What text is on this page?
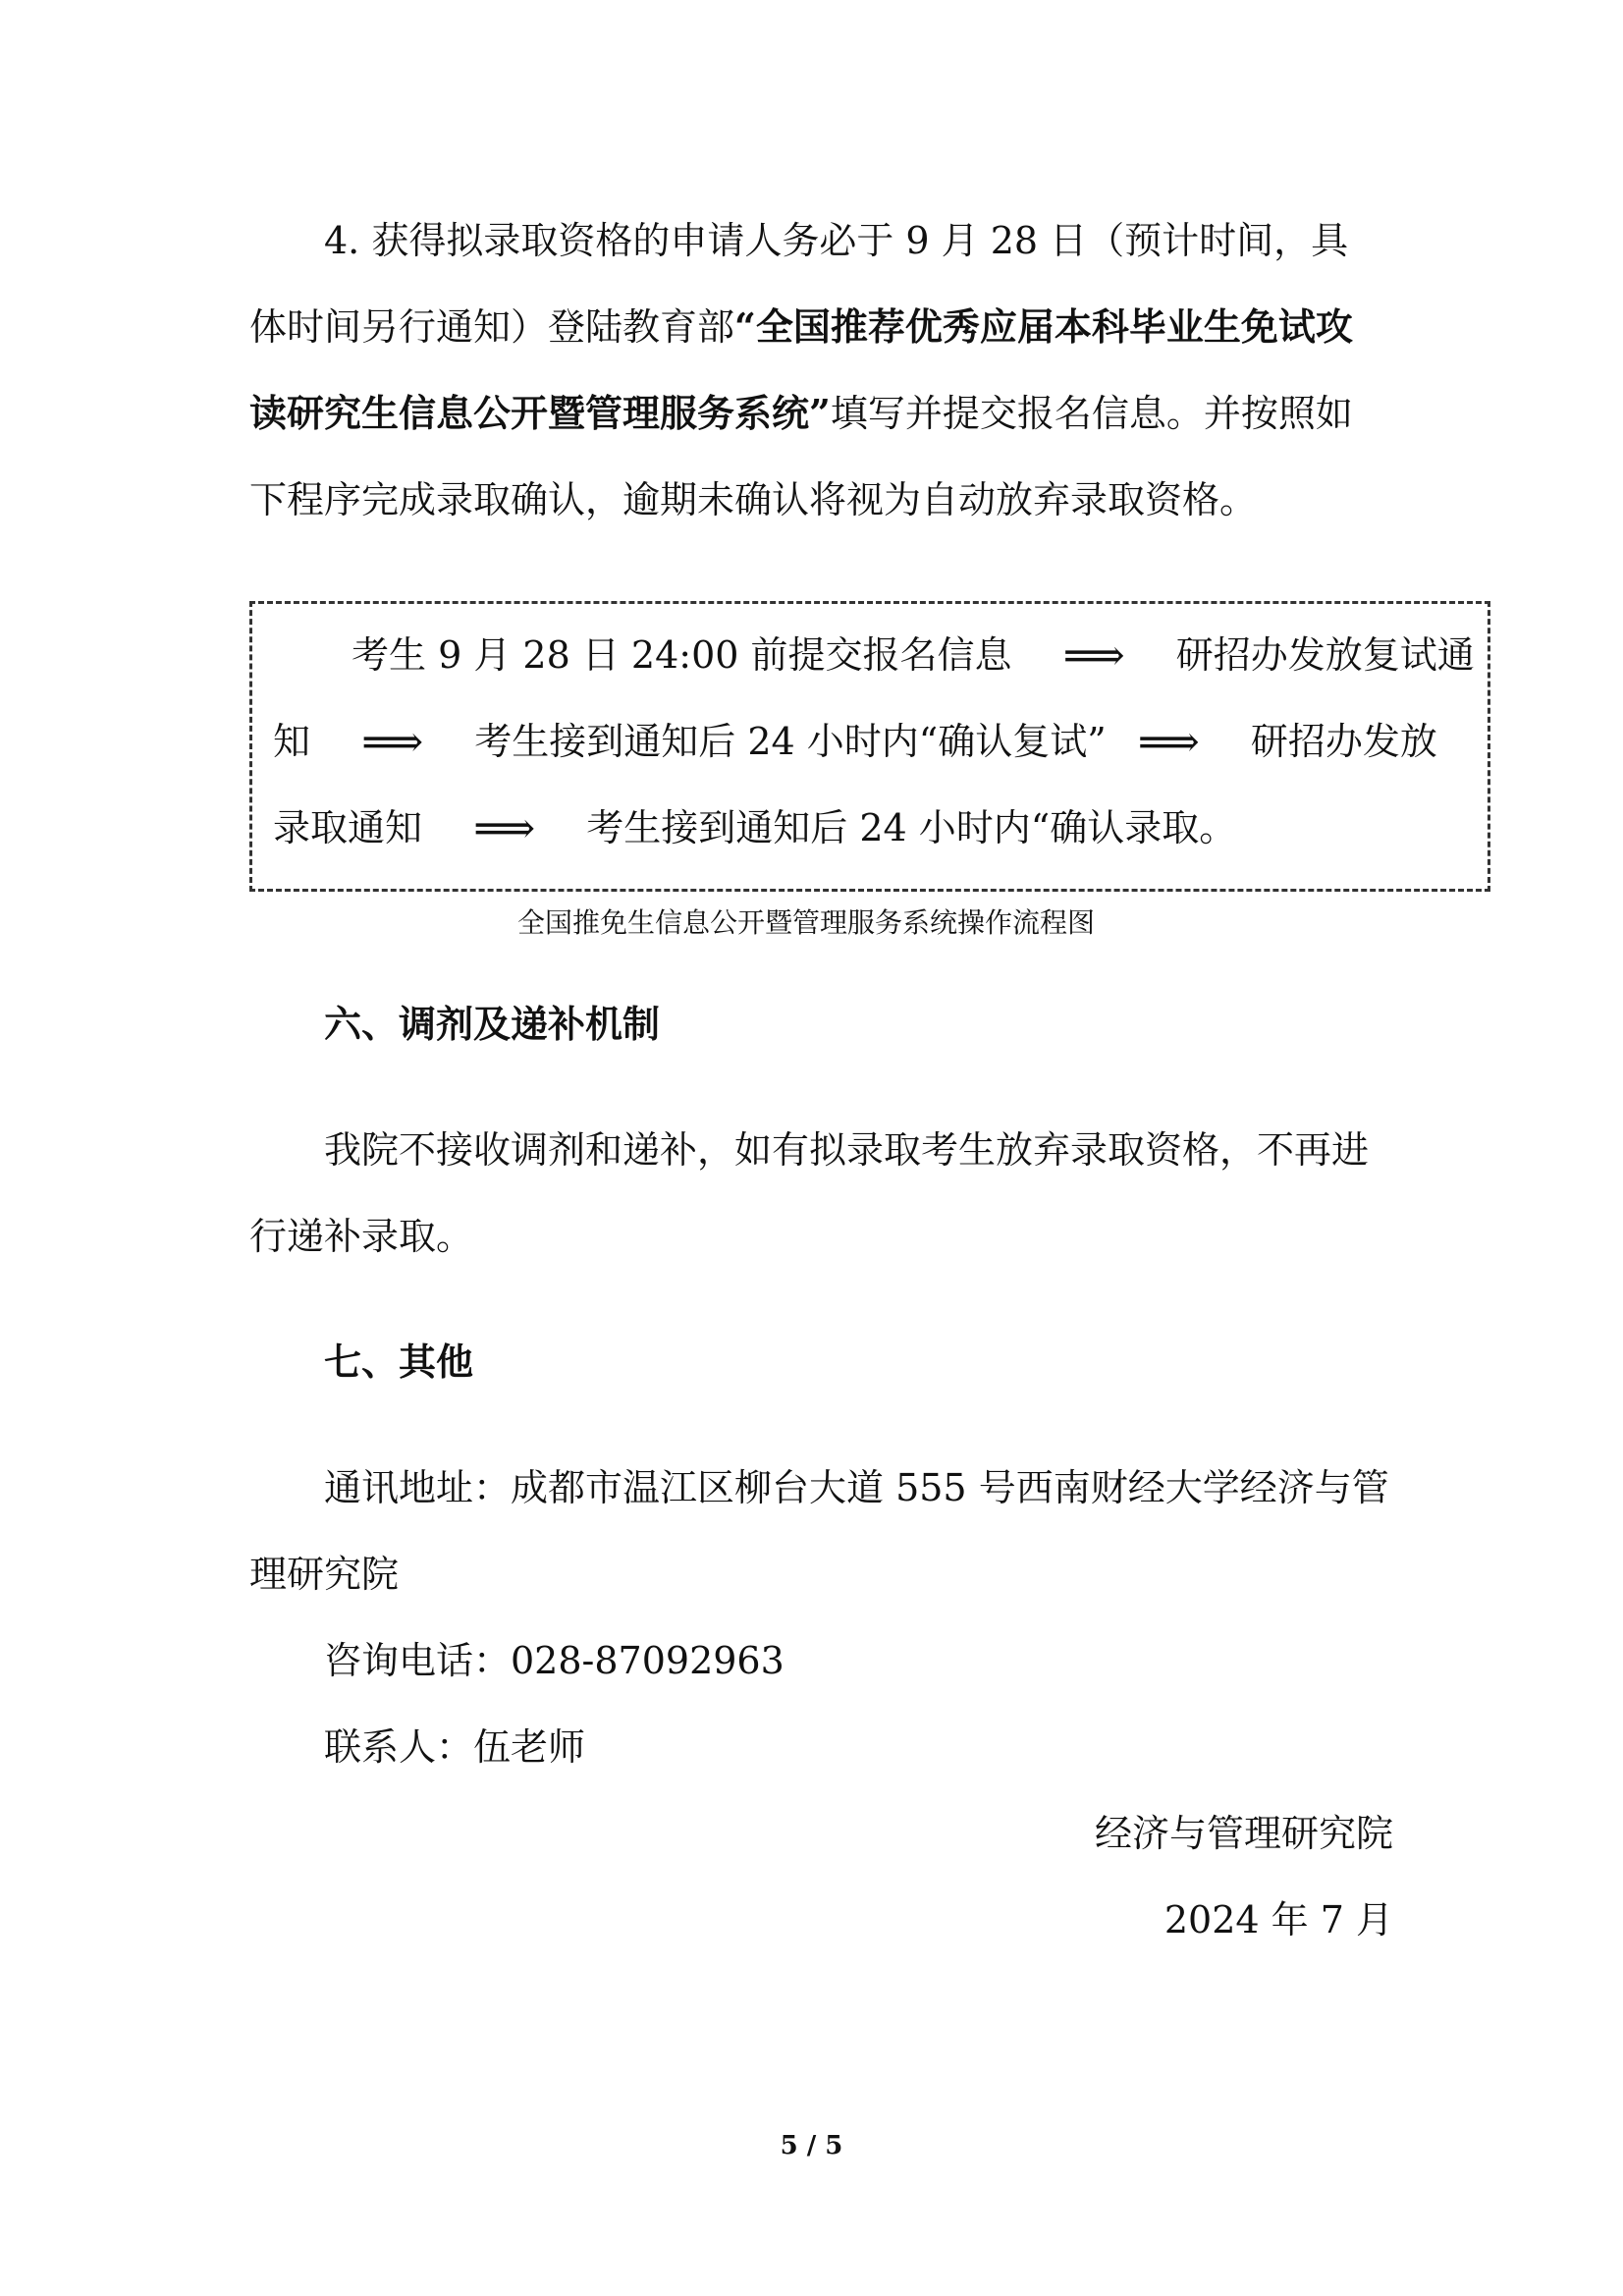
4. 获得拟录取资格的申请人务必于 9 月 28 日（预计时间，具
体时间另行通知）登陆教育部“全国推荐优秀应届本科毕业生免试攻
读研究生信息公开暨管理服务系统”填写并提交报名信息。并按照如
下程序完成录取确认，逾期未确认将视为自动放弃录取资格。
考生 9 月 28 日 24:00 前提交报名信息 ⟹ 研招办发放复试通
知 ⟹ 考生接到通知后 24 小时内“确认复试” ⟹ 研招办发放
录取通知 ⟹ 考生接到通知后 24 小时内“确认录取。
全国推免生信息公开暨管理服务系统操作流程图
六、调剂及递补机制
我院不接收调剂和递补，如有拟录取考生放弃录取资格，不再进
行递补录取。
七、其他
通讯地址：成都市温江区柳台大道 555 号西南财经大学经济与管
理研究院
咨询电话：028-87092963
联系人：伍老师
经济与管理研究院
2024 年 7 月
5 / 5
